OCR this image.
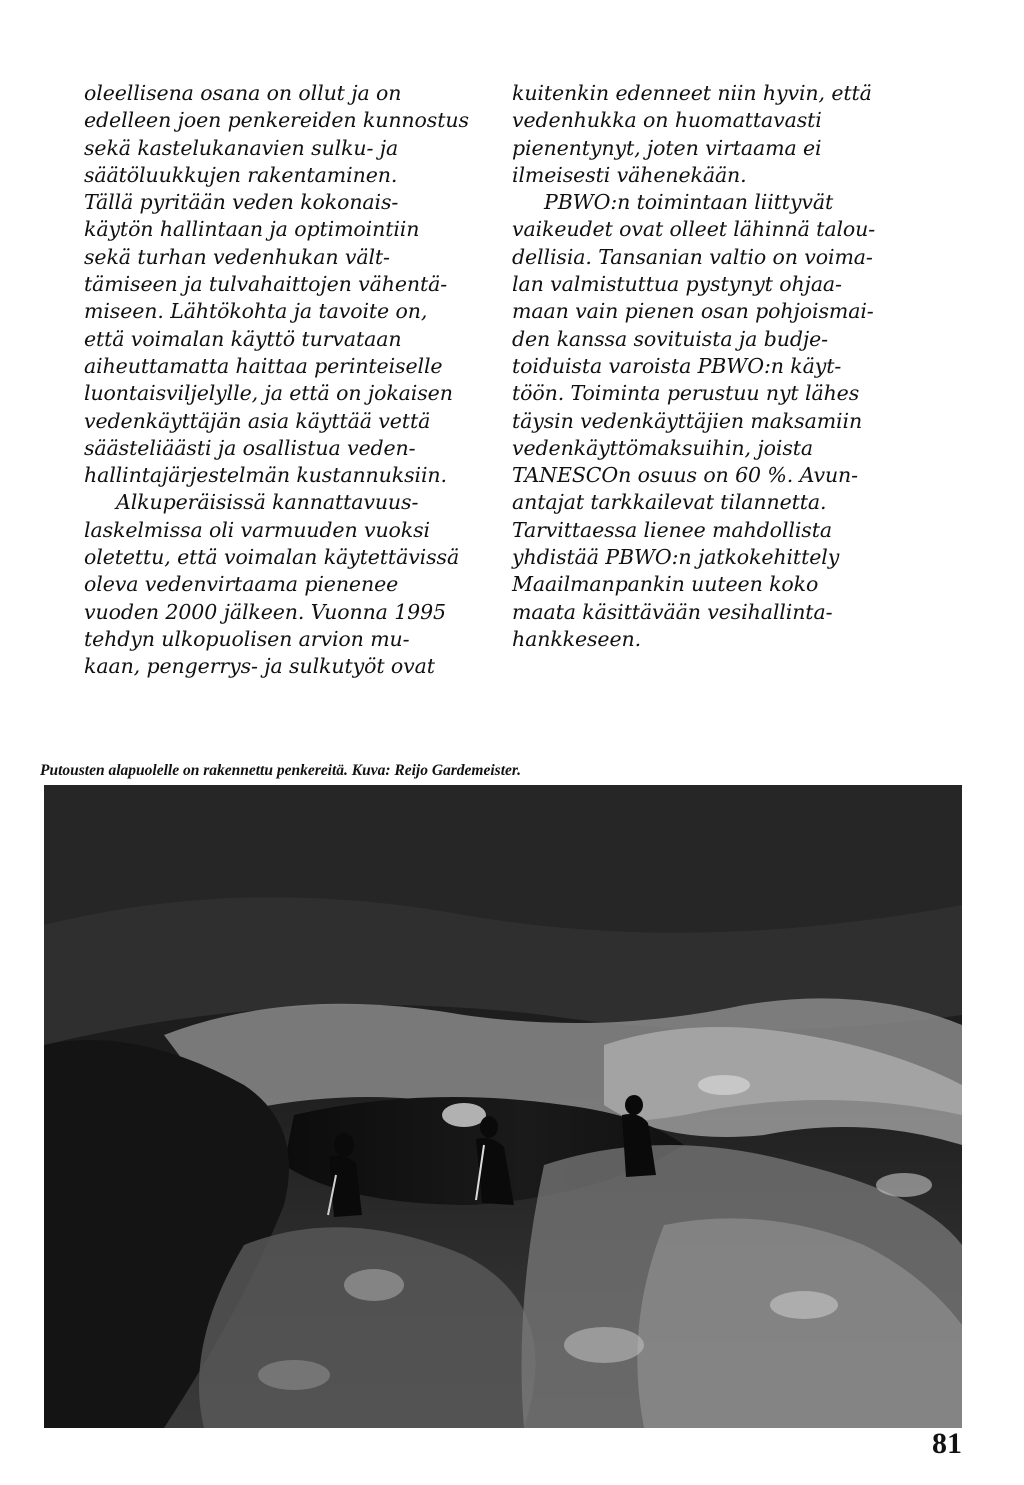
oleellisena osana on ollut ja on
edelleen joen penkereiden kunnostus
sekä kastelukanavien sulku- ja
säätöluukkujen rakentaminen.
Tällä pyritään veden kokonais-
käytön hallintaan ja optimointiin
sekä turhan vedenhukan vält-
tämiseen ja tulvahaittojen vähentä-
miseen. Lähtökohta ja tavoite on,
että voimalan käyttö turvataan
aiheuttamatta haittaa perinteiselle
luontaisviljelylle, ja että on jokaisen
vedenkäyttäjän asia käyttää vettä
säästeliäästi ja osallistua veden-
hallintajärjestelmän kustannuksiin.
Alkuperäisissä kannattavuus-
laskelmissa oli varmuuden vuoksi
oletettu, että voimalan käytettävissä
oleva vedenvirtaama pienenee
vuoden 2000 jälkeen. Vuonna 1995
tehdyn ulkopuolisen arvion mu-
kaan, pengerrys- ja sulkutyöt ovat
kuitenkin edenneet niin hyvin, että
vedenhukka on huomattavasti
pienentynyt, joten virtaama ei
ilmeisesti vähenekään.
PBWO:n toimintaan liittyvät
vaikeudet ovat olleet lähinnä talou-
dellisia. Tansanian valtio on voima-
lan valmistuttua pystynyt ohjaa-
maan vain pienen osan pohjoismai-
den kanssa sovituista ja budje-
toiduista varoista PBWO:n käyt-
töön. Toiminta perustuu nyt lähes
täysin vedenkäyttäjien maksamiin
vedenkäyttömaksuihin, joista
TANESCOn osuus on 60 %. Avun-
antajat tarkkailevat tilannetta.
Tarvittaessa lienee mahdollista
yhdistää PBWO:n jatkokehittely
Maailmanpankin uuteen koko
maata käsittävään vesihallinta-
hankkeseen.
Putousten alapuolelle on rakennettu penkereitä. Kuva: Reijo Gardemeister.
81
